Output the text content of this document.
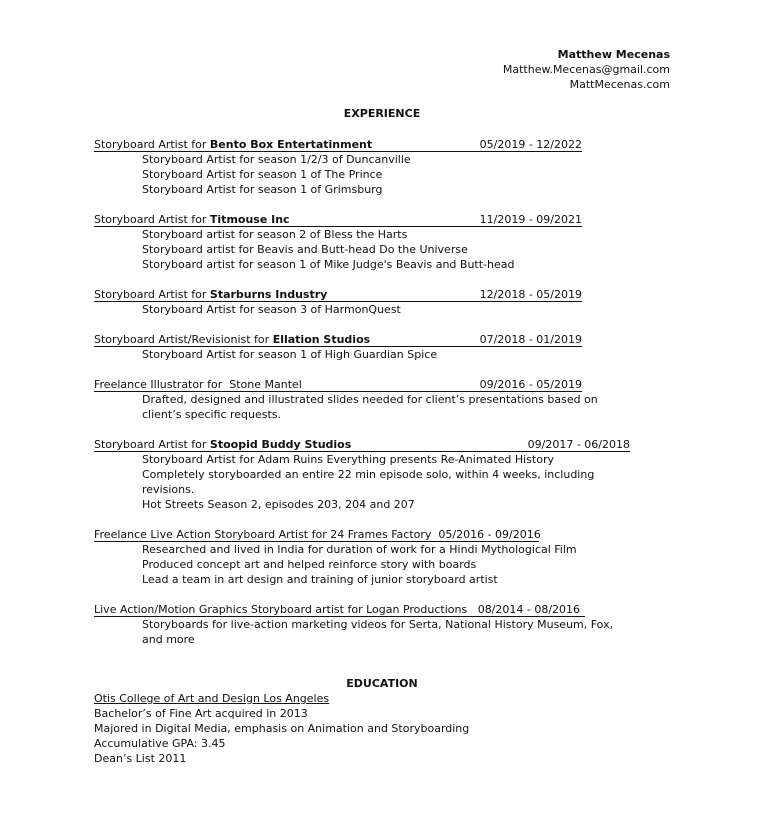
Matthew Mecenas
Matthew.Mecenas@gmail.com
MattMecenas.com
EXPERIENCE
Storyboard Artist for Bento Box Entertatinment	05/2019 - 12/2022
Storyboard Artist for season 1/2/3 of Duncanville
Storyboard Artist for season 1 of The Prince
Storyboard Artist for season 1 of Grimsburg
Storyboard Artist for Titmouse Inc	11/2019 - 09/2021
Storyboard artist for season 2 of Bless the Harts
Storyboard artist for Beavis and Butt-head Do the Universe
Storyboard artist for season 1 of Mike Judge's Beavis and Butt-head
Storyboard Artist for Starburns Industry	12/2018 - 05/2019
Storyboard Artist for season 3 of HarmonQuest
Storyboard Artist/Revisionist for Ellation Studios	07/2018 - 01/2019
Storyboard Artist for season 1 of High Guardian Spice
Freelance Illustrator for  Stone Mantel	09/2016 - 05/2019
Drafted, designed and illustrated slides needed for client’s presentations based on
client’s specific requests.
Storyboard Artist for Stoopid Buddy Studios	09/2017 - 06/2018
Storyboard Artist for Adam Ruins Everything presents Re-Animated History
Completely storyboarded an entire 22 min episode solo, within 4 weeks, including
revisions.
Hot Streets Season 2, episodes 203, 204 and 207
Freelance Live Action Storyboard Artist for 24 Frames Factory  05/2016 - 09/2016
Researched and lived in India for duration of work for a Hindi Mythological Film
Produced concept art and helped reinforce story with boards
Lead a team in art design and training of junior storyboard artist
Live Action/Motion Graphics Storyboard artist for Logan Productions   08/2014 - 08/2016
Storyboards for live-action marketing videos for Serta, National History Museum, Fox,
and more
EDUCATION
Otis College of Art and Design Los Angeles
Bachelor’s of Fine Art acquired in 2013
Majored in Digital Media, emphasis on Animation and Storyboarding
Accumulative GPA: 3.45
Dean’s List 2011
